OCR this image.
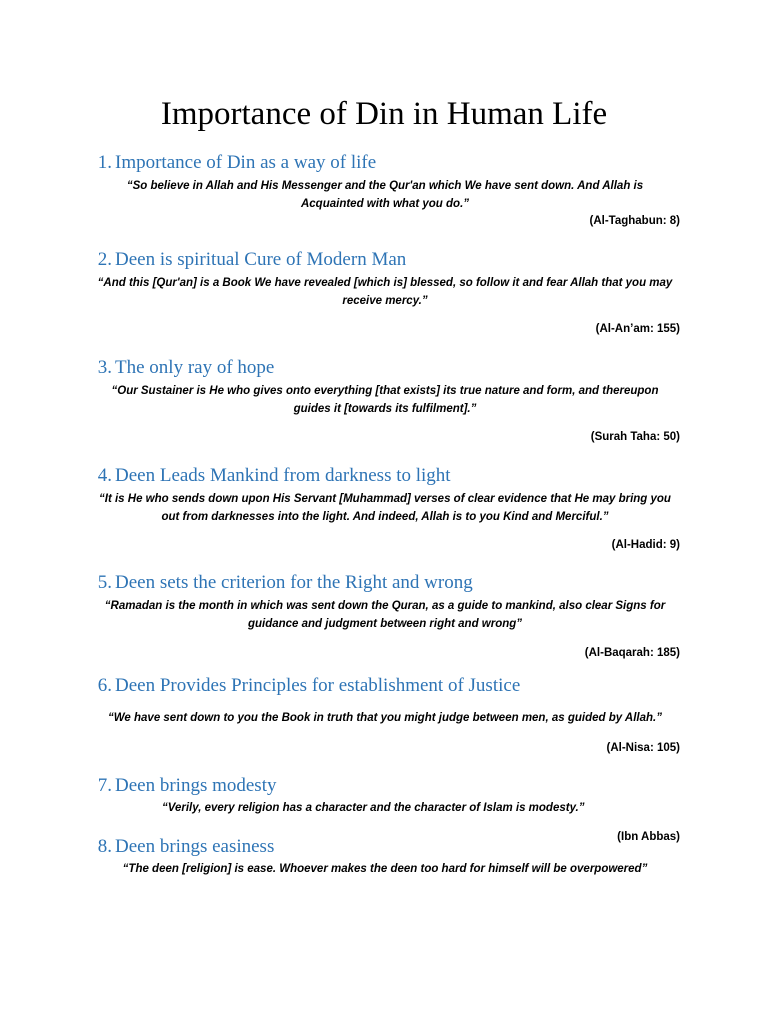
Importance of Din in Human Life
1. Importance of Din as a way of life

“So believe in Allah and His Messenger and the Qur'an which We have sent down. And Allah is Acquainted with what you do.”

(Al-Taghabun: 8)
2. Deen is spiritual Cure of Modern Man

“And this [Qur'an] is a Book We have revealed [which is] blessed, so follow it and fear Allah that you may receive mercy.”

(Al-An’am: 155)
3. The only ray of hope

“Our Sustainer is He who gives onto everything [that exists] its true nature and form, and thereupon guides it [towards its fulfilment].”

(Surah Taha: 50)
4. Deen Leads Mankind from darkness to light

“It is He who sends down upon His Servant [Muhammad] verses of clear evidence that He may bring you out from darknesses into the light. And indeed, Allah is to you Kind and Merciful.”

(Al-Hadid: 9)
5. Deen sets the criterion for the Right and wrong

“Ramadan is the month in which was sent down the Quran, as a guide to mankind, also clear Signs for guidance and judgment between right and wrong”

(Al-Baqarah: 185)
6. Deen Provides Principles for establishment of Justice

“We have sent down to you the Book in truth that you might judge between men, as guided by Allah.”

(Al-Nisa: 105)
7. Deen brings modesty

“Verily, every religion has a character and the character of Islam is modesty.”

(Ibn Abbas)
8. Deen brings easiness

“The deen [religion] is ease. Whoever makes the deen too hard for himself will be overpowered”
